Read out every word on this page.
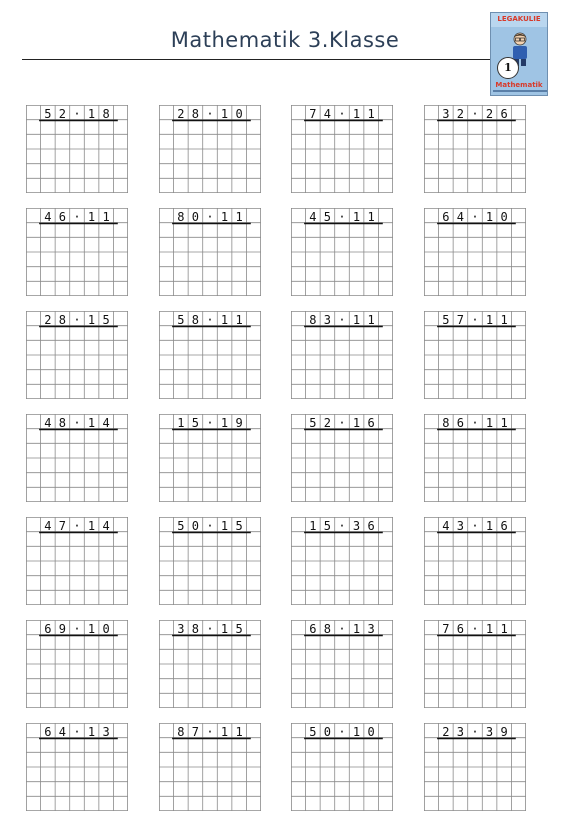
Mathematik 3.Klasse
LEGAKULIE
1
Mathematik
5 2 · 1 8	2 8 · 1 0	7 4 · 1 1	3 2 · 2 6
4 6 · 1 1	8 0 · 1 1	4 5 · 1 1	6 4 · 1 0
2 8 · 1 5	5 8 · 1 1	8 3 · 1 1	5 7 · 1 1
4 8 · 1 4	1 5 · 1 9	5 2 · 1 6	8 6 · 1 1
4 7 · 1 4	5 0 · 1 5	1 5 · 3 6	4 3 · 1 6
6 9 · 1 0	3 8 · 1 5	6 8 · 1 3	7 6 · 1 1
6 4 · 1 3	8 7 · 1 1	5 0 · 1 0	2 3 · 3 9
